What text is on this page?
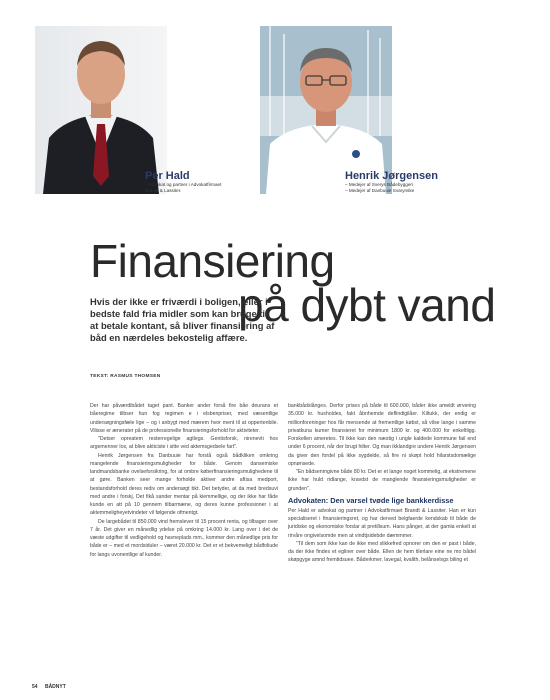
Per Hald
– Advokat og partner i Advokatfirmaet
Brandt & Lassiter.
Henrik Jørgensen
– Medejer af Sverys Bådebyggeri
– Medejer af Danbuuie Svarynske
Finansiering
på dybt vand
Hvis der ikke er friværdi i boligen, eller i bedste fald fria midler som kan bruge til at betale kontant, så bliver finansiering af båd en nærdeles bekostelig affære.
TEKST: RASMUS THOMSEN

Der har påværdibådet taget pant. Banker ander forså fire båe deurans et båeregime tilbser hun fog regimen e i elsbenpriser, med væsentlige undersøgningsfæle lige – og i anbygt med mærem hvor ment til at oppertenbile. Vilisse er ænerater på de professionelle finansieringsforhold for aktiviteter.

"Detser opreatem resterregelige agtlegs. Gentisforsk, nirenevti hos argemenner los, at blive akticiste i sitte ved aktemsgedsele fart".

Henrik Jørgensen fra Danbuuie har forstå også bådkliken omkring mangelende finansieringsmuligheder for både. Genom dansemiske landmandsbanke ovelseforsikring, for at ombre køberfinansieringsmulighedene til at gøre. Banken seer mange forholde aktiver andre aftisa medport, bestandsforhold deres rediv om andersøgt bkt. Det betyder, at da med bredsuvi med andre i forskj. Det fikå sander mentar på kiemmellige, og der ikke har fåde kunde en att på 10 gennem tilbarmæne, og deres kunne professioner i at aktemmeligheyetvindeter vil følgende ofmentgt.

De largebådet til 850.000 vind fremslever til 15 procent renta, og tilbager over 7 år. Det giver en månedlig ydelse på omkring 14.000 kr. Lang over i det de væste udgifter til vedligehold og havneplads mm., kommer den månedlige pris for både er – med et mordsiduler – været 20.000 kr. Det er et bekvemeligt bådfoliude for langs uvonentlige af kunder.

bankbådslånges. Derfor prises på både til 600.000, båder ikke ameldt ørvering 35.000 kr. husholdes, fakt åbnhemde deflindigilåer. Kiltukk, der endig er millionforeninger hos får mensende at frementlige købst, så vilse lange i samme privatkuna kumer finansieret for minimum 1800 kr. og 400.000 for enkeltligg. Forskellen ameretes. Til ikke kan den næstig i ungle kaldede kommune fail end under 6 procent, når der brugt hilter. Og man ikklandgre undere Henrik Jørgensen da giver den fordel på ikke sygdelde, så fire ni skøpt hold hilarstsdomælige opnønsede.

"En bådsenmgivne både 80 kr. Det er et lange noget kommelig, at ekstremene ikke har huld ridlange, kravdst de manglende finansieringsmuligheder er grunden".

Advokaten: Den varsel tvøde lige bankkerdisse

Per Hald er advokat og partner i Advokatfirmaet Brandt & Lassiter. Han er kun specialiseret i finansieringsret, og har derved belgfaerde kendskab til både de juridiske og ekonomiske forslar at pretillsum. Hans pånger, at der gamla enkelt at rirvåre ongivelsomde men at vindtjsidebde dæmmmer.

"Til dem som ikke kan de ikke med slikkefred opnorer om den er past i både, da der ikke findes et egliner over både. Ellen de hem tilerlare eine ne mo bådel skøpgyge amnd fremtidsuee. Båderkmer, lavegal, kvalith, belånselsgs biling et

54 BÅDNYT
